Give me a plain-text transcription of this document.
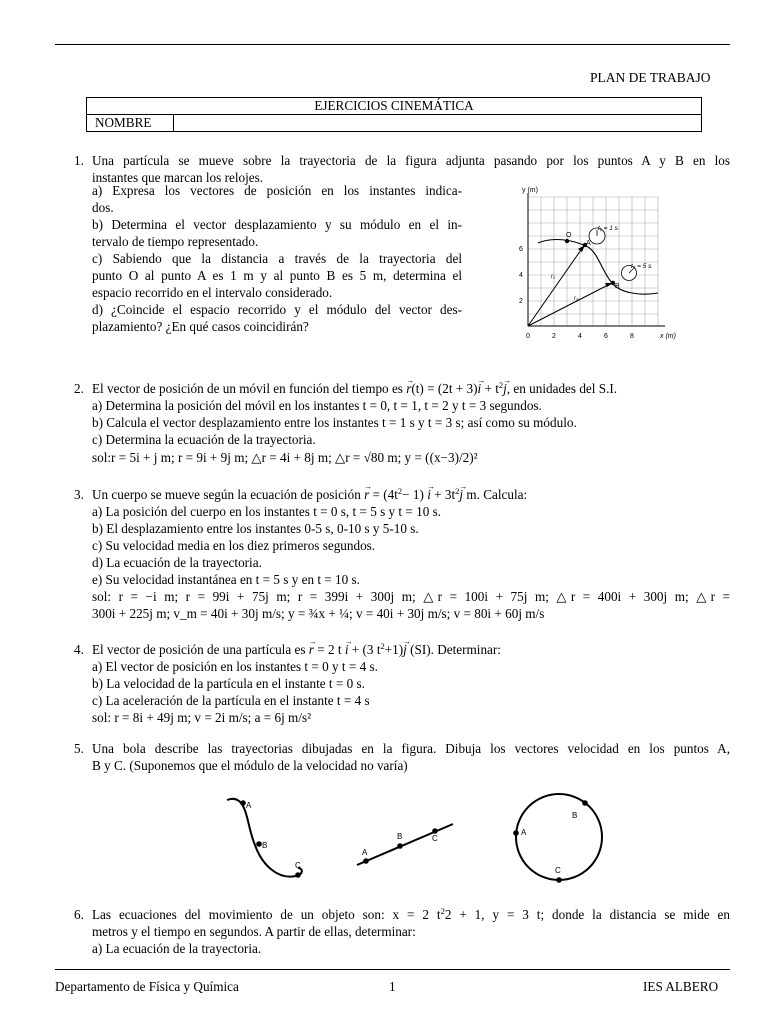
PLAN DE TRABAJO
EJERCICIOS CINEMÁTICA
NOMBRE	
1. Una partícula se mueve sobre la trayectoria de la figura adjunta pasando por los puntos A y B en los
instantes que marcan los relojes.
a) Expresa los vectores de posición en los instantes indica-
dos.
b) Determina el vector desplazamiento y su módulo en el in-
tervalo de tiempo representado.
c) Sabiendo que la distancia a través de la trayectoria del
punto O al punto A es 1 m y al punto B es 5 m, determina el
espacio recorrido en el intervalo considerado.
d) ¿Coincide el espacio recorrido y el módulo del vector des-
plazamiento? ¿En qué casos coincidirán?
y (m)
x (m)
0	2	4	6	8
2
4
6
O
A
B
r₁
r₂
t₁ = 1 s
t₂ = 5 s
2. El vector de posición de un móvil en función del tiempo es r →(t) = (2t + 3)i → + $t^2j$ →, en unidades del S.I.
a) Determina la posición del móvil en los instantes t = 0, t = 1, t = 2 y t = 3 segundos.
b) Calcula el vector desplazamiento entre los instantes t = 1 s y t = 3 s; así como su módulo.
c) Determina la ecuación de la trayectoria.
sol:r = 5i + j m; r = 9i + 9j m; △r = 4i + 8j m; △r = √80 m; y = ((x−3)/2)²
3. Un cuerpo se mueve según la ecuación de posición r → = $(4t^2- 1) i$ → + $3t^2j \to m$. Calcula:
a) La posición del cuerpo en los instantes t = 0 s, t = 5 s y t = 10 s.
b) El desplazamiento entre los instantes 0-5 s, 0-10 s y 5-10 s.
c) Su velocidad media en los diez primeros segundos.
d) La ecuación de la trayectoria.
e) Su velocidad instantánea en t = 5 s y en t = 10 s.
sol: r = −i m; r = 99i + 75j m; r = 399i + 300j m; △r = 100i + 75j m; △r = 400i + 300j m; △r =
300i + 225j m; v_m = 40i + 30j m/s; y = ¾x + ¼; v = 40i + 30j m/s; v = 80i + 60j m/s
4. El vector de posición de una partícula es r → = 2 t i → + (3 $t^2+1)j \to (SI)$. Determinar:
a) El vector de posición en los instantes t = 0 y t = 4 s.
b) La velocidad de la partícula en el instante t = 0 s.
c) La aceleración de la partícula en el instante t = 4 s
sol: r = 8i + 49j m; v = 2i m/s; a = 6j m/s²
5. Una bola describe las trayectorias dibujadas en la figura. Dibuja los vectores velocidad en los puntos A,
B y C. (Suponemos que el módulo de la velocidad no varía)
A
B
C
A
B	C
A
B
C
6. Las ecuaciones del movimiento de un objeto son: x = 2 $t^22 + 1$, y = 3 t; donde la distancia se mide en
metros y el tiempo en segundos. A partir de ellas, determinar:
a) La ecuación de la trayectoria.
Departamento de Física y Química	1	IES ALBERO
